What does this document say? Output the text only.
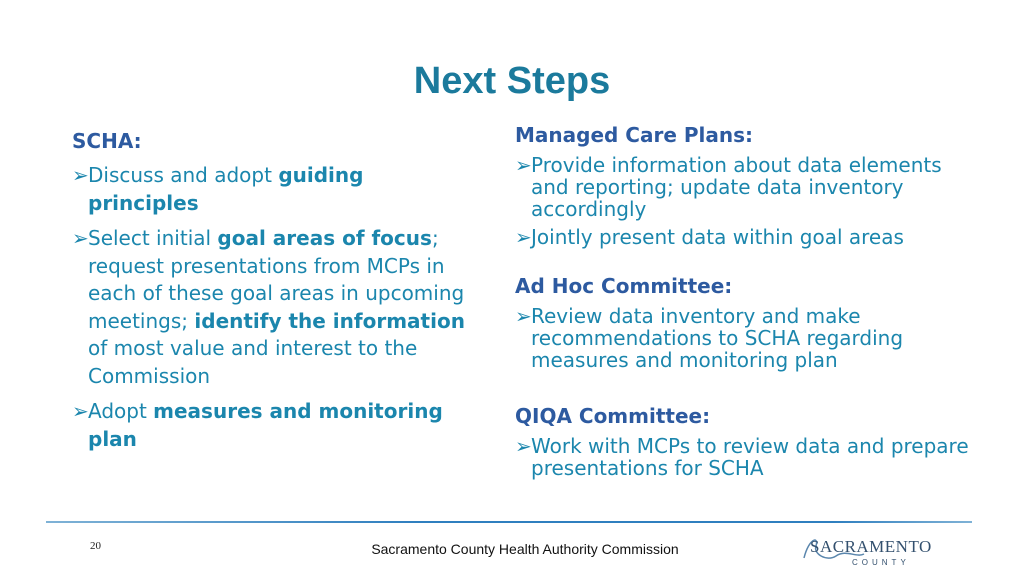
Next Steps
SCHA:
➢ Discuss and adopt guiding principles
➢ Select initial goal areas of focus; request presentations from MCPs in each of these goal areas in upcoming meetings; identify the information of most value and interest to the Commission
➢ Adopt measures and monitoring plan
Managed Care Plans:
➢ Provide information about data elements and reporting; update data inventory accordingly
➢ Jointly present data within goal areas
Ad Hoc Committee:
➢ Review data inventory and make recommendations to SCHA regarding measures and monitoring plan
QIQA Committee:
➢ Work with MCPs to review data and prepare presentations for SCHA
20	Sacramento County Health Authority Commission	SACRAMENTO
COUNTY
